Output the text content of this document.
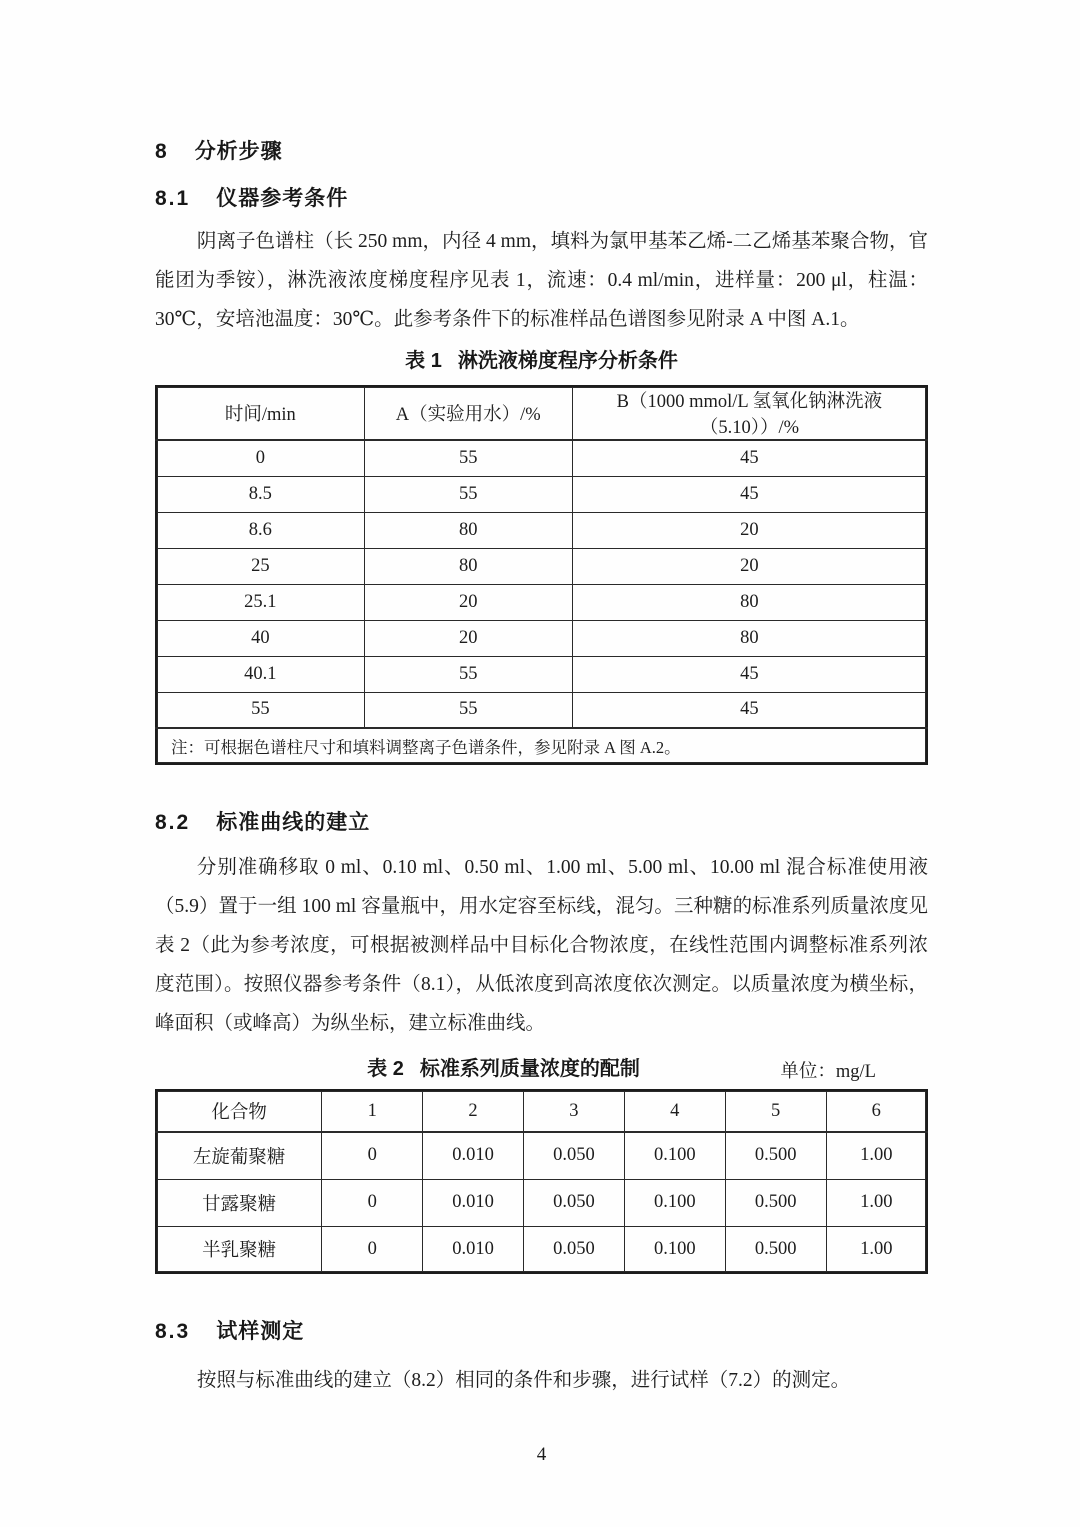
8 分析步骤
8.1 仪器参考条件

阴离子色谱柱（长 250 mm，内径 4 mm，填料为氯甲基苯乙烯-二乙烯基苯聚合物，官能团为季铵），淋洗液浓度梯度程序见表 1，流速：0.4 ml/min，进样量：200 μl，柱温：30℃，安培池温度：30℃。此参考条件下的标准样品色谱图参见附录 A 中图 A.1。

表 1 淋洗液梯度程序分析条件
时间/min	A（实验用水）/%	B（1000 mmol/L 氢氧化钠淋洗液（5.10））/%
0	55	45
8.5	55	45
8.6	80	20
25	80	20
25.1	20	80
40	20	80
40.1	55	45
55	55	45
注：可根据色谱柱尺寸和填料调整离子色谱条件，参见附录 A 图 A.2。		
8.2 标准曲线的建立

分别准确移取 0 ml、0.10 ml、0.50 ml、1.00 ml、5.00 ml、10.00 ml 混合标准使用液（5.9）置于一组 100 ml 容量瓶中，用水定容至标线，混匀。三种糖的标准系列质量浓度见表 2（此为参考浓度，可根据被测样品中目标化合物浓度，在线性范围内调整标准系列浓度范围）。按照仪器参考条件（8.1），从低浓度到高浓度依次测定。以质量浓度为横坐标，峰面积（或峰高）为纵坐标，建立标准曲线。

表 2 标准系列质量浓度的配制	单位：mg/L
化合物	1	2	3	4	5	6
左旋葡聚糖	0	0.010	0.050	0.100	0.500	1.00
甘露聚糖	0	0.010	0.050	0.100	0.500	1.00
半乳聚糖	0	0.010	0.050	0.100	0.500	1.00
8.3 试样测定

按照与标准曲线的建立（8.2）相同的条件和步骤，进行试样（7.2）的测定。

4
